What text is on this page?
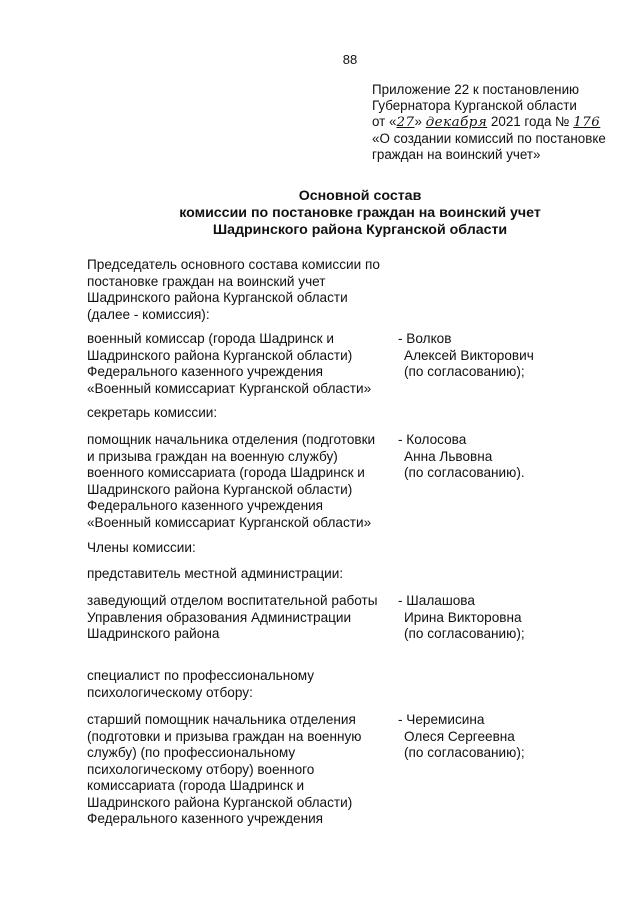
88
Приложение 22 к постановлению
Губернатора Курганской области
от «27» декабря 2021 года № 176
«О создании комиссий по постановке
граждан на воинский учет»
Основной состав
комиссии по постановке граждан на воинский учет
Шадринского района Курганской области
Председатель основного состава комиссии по
постановке граждан на воинский учет
Шадринского района Курганской области
(далее - комиссия):
военный комиссар (города Шадринск и
Шадринского района Курганской области)
Федерального казенного учреждения
«Военный комиссариат Курганской области»
- Волков
Алексей Викторович
(по согласованию);
секретарь комиссии:
помощник начальника отделения (подготовки
и призыва граждан на военную службу)
военного комиссариата (города Шадринск и
Шадринского района Курганской области)
Федерального казенного учреждения
«Военный комиссариат Курганской области»
- Колосова
Анна Львовна
(по согласованию).
Члены комиссии:
представитель местной администрации:
заведующий отделом воспитательной работы
Управления образования Администрации
Шадринского района
- Шалашова
Ирина Викторовна
(по согласованию);
специалист по профессиональному
психологическому отбору:
старший помощник начальника отделения
(подготовки и призыва граждан на военную
службу) (по профессиональному
психологическому отбору) военного
комиссариата (города Шадринск и
Шадринского района Курганской области)
Федерального казенного учреждения
- Черемисина
Олеся Сергеевна
(по согласованию);
